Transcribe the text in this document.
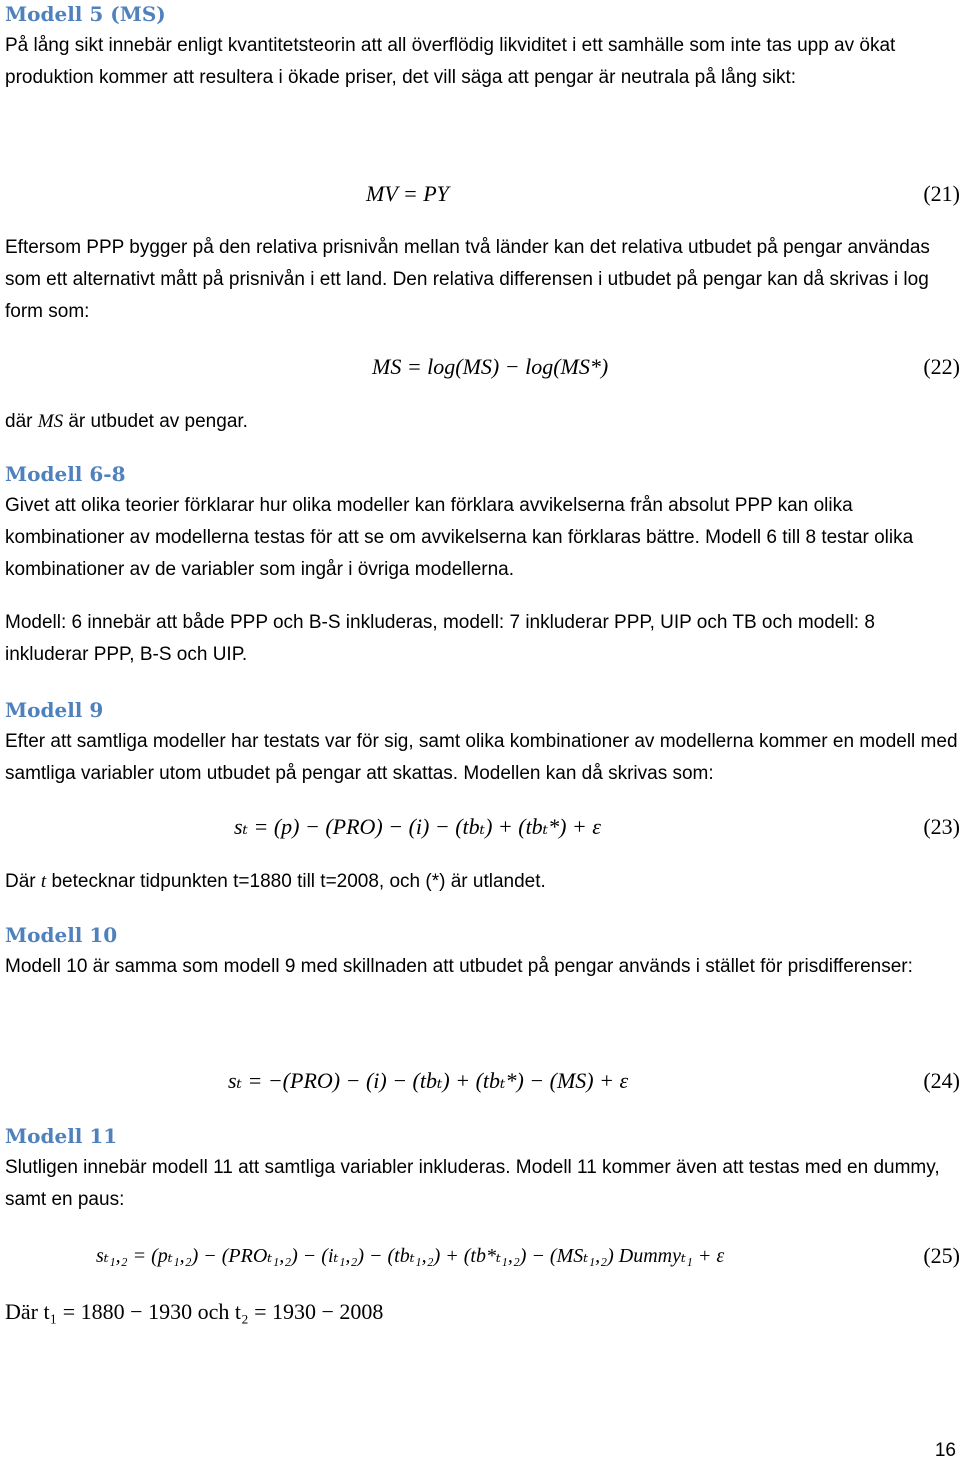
Modell 5 (MS)

På lång sikt innebär enligt kvantitetsteorin att all överflödig likviditet i ett samhälle som inte tas upp av ökat produktion kommer att resultera i ökade priser, det vill säga att pengar är neutrala på lång sikt:

MV = PY	(21)

Eftersom PPP bygger på den relativa prisnivån mellan två länder kan det relativa utbudet på pengar användas som ett alternativt mått på prisnivån i ett land. Den relativa differensen i utbudet på pengar kan då skrivas i log form som:

MS = log(MS) − log(MS*)	(22)

där MS är utbudet av pengar.

Modell 6-8

Givet att olika teorier förklarar hur olika modeller kan förklara avvikelserna från absolut PPP kan olika kombinationer av modellerna testas för att se om avvikelserna kan förklaras bättre. Modell 6 till 8 testar olika kombinationer av de variabler som ingår i övriga modellerna.

Modell: 6 innebär att både PPP och B-S inkluderas, modell: 7 inkluderar PPP, UIP och TB och modell: 8 inkluderar PPP, B-S och UIP.

Modell 9

Efter att samtliga modeller har testats var för sig, samt olika kombinationer av modellerna kommer en modell med samtliga variabler utom utbudet på pengar att skattas. Modellen kan då skrivas som:

sₜ = (p) − (PRO) − (i) − (tbₜ) + (tbₜ*) + ε	(23)

Där t betecknar tidpunkten t=1880 till t=2008, och (*) är utlandet.

Modell 10

Modell 10 är samma som modell 9 med skillnaden att utbudet på pengar används i stället för prisdifferenser:

sₜ = −(PRO) − (i) − (tbₜ) + (tbₜ*) − (MS) + ε	(24)
Modell 11

Slutligen innebär modell 11 att samtliga variabler inkluderas. Modell 11 kommer även att testas med en dummy, samt en paus:

sₜ₁,₂ = (pₜ₁,₂) − (PROₜ₁,₂) − (iₜ₁,₂) − (tbₜ₁,₂) + (tb*ₜ₁,₂) − (MSₜ₁,₂) Dummyₜ₁ + ε	(25)
Där t₁ = 1880 − 1930 och t₂ = 1930 − 2008
16
